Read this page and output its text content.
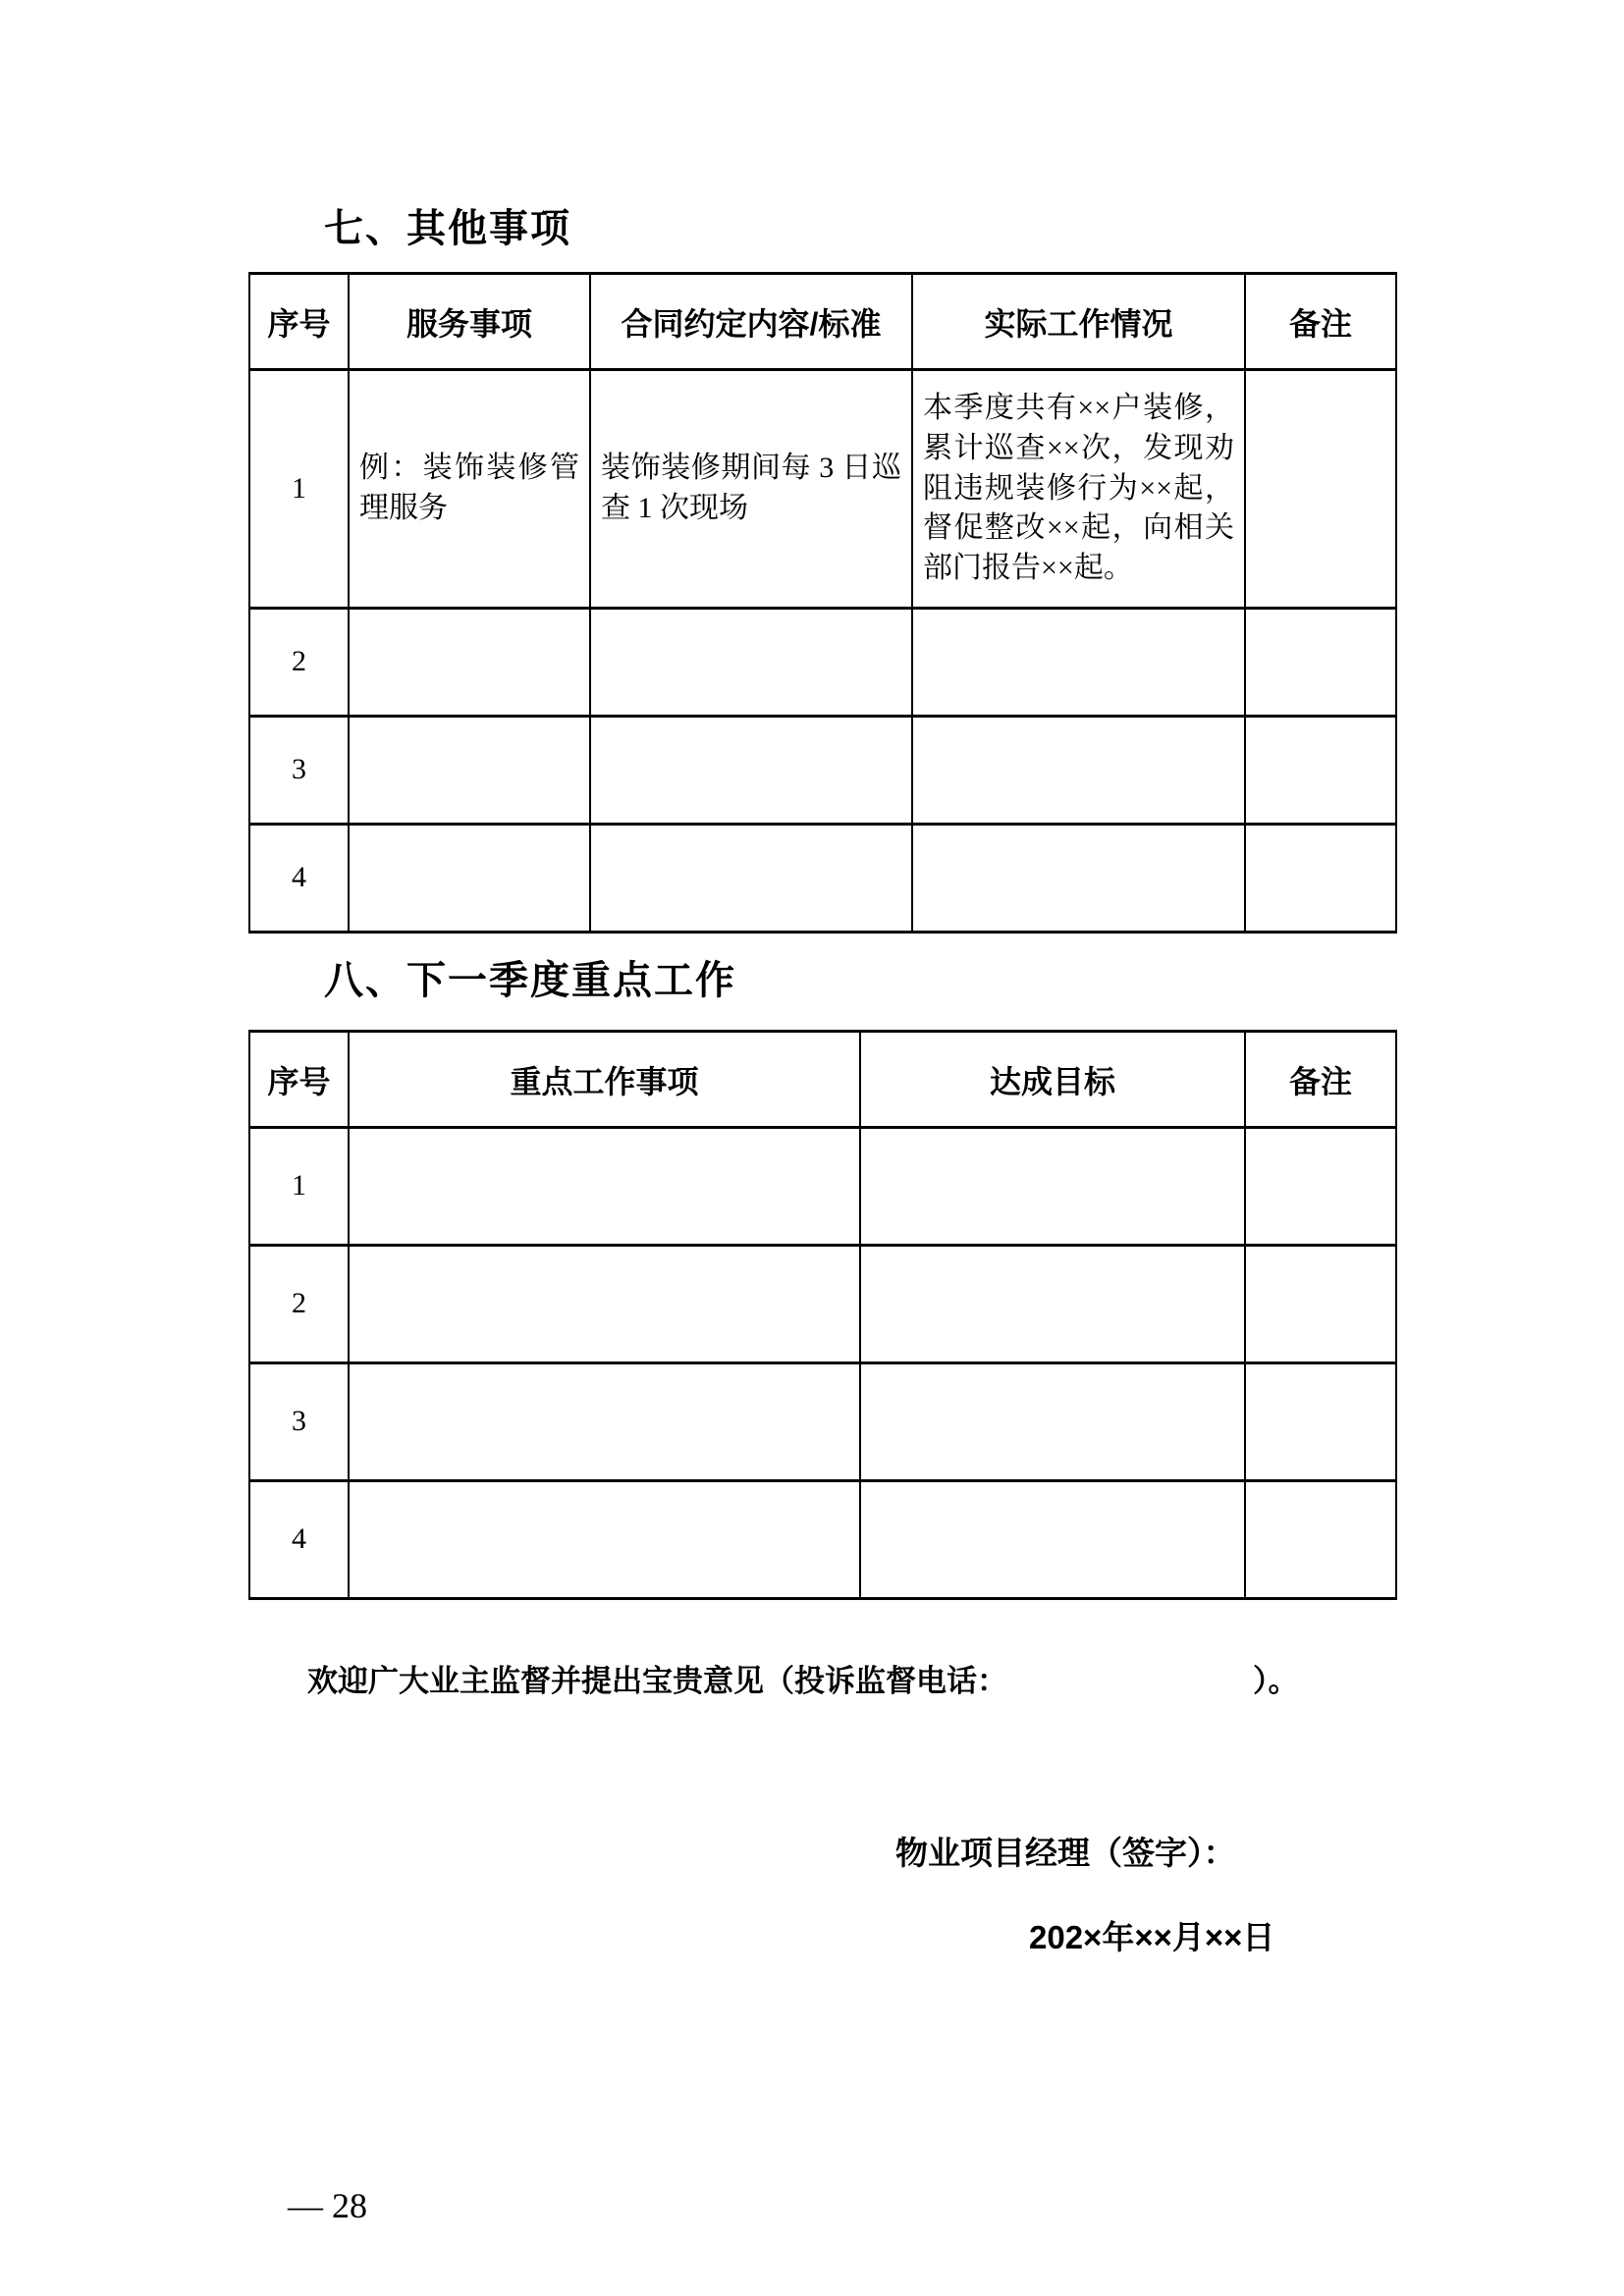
七、其他事项
序号	服务事项	合同约定内容/标准	实际工作情况	备注
1	例：装饰装修管理服务	装饰装修期间每 3 日巡查 1 次现场	本季度共有××户装修，累计巡查××次，发现劝阻违规装修行为××起，督促整改××起，向相关部门报告××起。	
2				
3				
4				
八、下一季度重点工作
序号	重点工作事项	达成目标	备注
1			
2			
3			
4			
欢迎广大业主监督并提出宝贵意见（投诉监督电话：	）。
物业项目经理（签字）：
202×年××月××日
— 28
